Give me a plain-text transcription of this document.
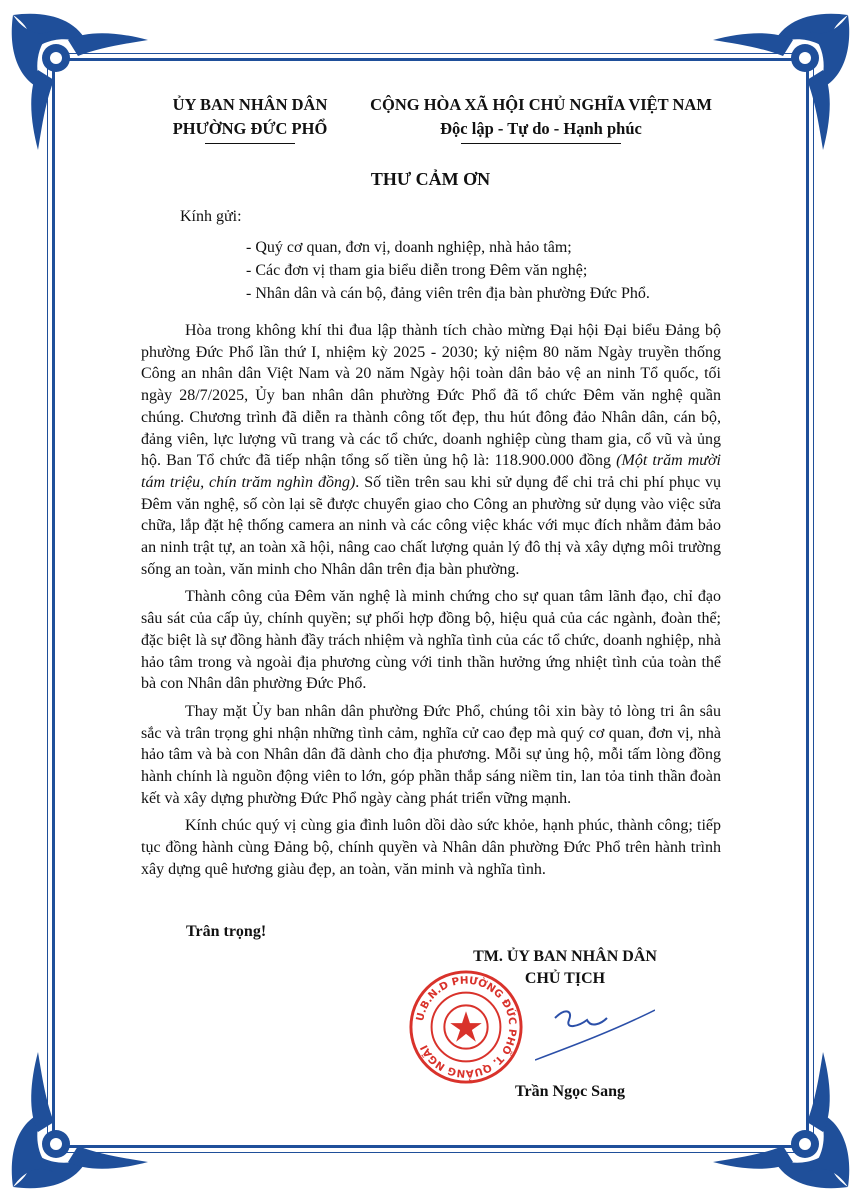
ỦY BAN NHÂN DÂN
PHƯỜNG ĐỨC PHỔ
CỘNG HÒA XÃ HỘI CHỦ NGHĨA VIỆT NAM
Độc lập - Tự do - Hạnh phúc
THƯ CẢM ƠN
Kính gửi:
- Quý cơ quan, đơn vị, doanh nghiệp, nhà hảo tâm;
- Các đơn vị tham gia biểu diễn trong Đêm văn nghệ;
- Nhân dân và cán bộ, đảng viên trên địa bàn phường Đức Phổ.

Hòa trong không khí thi đua lập thành tích chào mừng Đại hội Đại biểu Đảng bộ phường Đức Phổ lần thứ I, nhiệm kỳ 2025 - 2030; kỷ niệm 80 năm Ngày truyền thống Công an nhân dân Việt Nam và 20 năm Ngày hội toàn dân bảo vệ an ninh Tổ quốc, tối ngày 28/7/2025, Ủy ban nhân dân phường Đức Phổ đã tổ chức Đêm văn nghệ quần chúng. Chương trình đã diễn ra thành công tốt đẹp, thu hút đông đảo Nhân dân, cán bộ, đảng viên, lực lượng vũ trang và các tổ chức, doanh nghiệp cùng tham gia, cổ vũ và ủng hộ. Ban Tổ chức đã tiếp nhận tổng số tiền ủng hộ là: 118.900.000 đồng (Một trăm mười tám triệu, chín trăm nghìn đồng). Số tiền trên sau khi sử dụng để chi trả chi phí phục vụ Đêm văn nghệ, số còn lại sẽ được chuyển giao cho Công an phường sử dụng vào việc sửa chữa, lắp đặt hệ thống camera an ninh và các công việc khác với mục đích nhằm đảm bảo an ninh trật tự, an toàn xã hội, nâng cao chất lượng quản lý đô thị và xây dựng môi trường sống an toàn, văn minh cho Nhân dân trên địa bàn phường.

Thành công của Đêm văn nghệ là minh chứng cho sự quan tâm lãnh đạo, chỉ đạo sâu sát của cấp ủy, chính quyền; sự phối hợp đồng bộ, hiệu quả của các ngành, đoàn thể; đặc biệt là sự đồng hành đầy trách nhiệm và nghĩa tình của các tổ chức, doanh nghiệp, nhà hảo tâm trong và ngoài địa phương cùng với tinh thần hưởng ứng nhiệt tình của toàn thể bà con Nhân dân phường Đức Phổ.

Thay mặt Ủy ban nhân dân phường Đức Phổ, chúng tôi xin bày tỏ lòng tri ân sâu sắc và trân trọng ghi nhận những tình cảm, nghĩa cử cao đẹp mà quý cơ quan, đơn vị, nhà hảo tâm và bà con Nhân dân đã dành cho địa phương. Mỗi sự ủng hộ, mỗi tấm lòng đồng hành chính là nguồn động viên to lớn, góp phần thắp sáng niềm tin, lan tỏa tinh thần đoàn kết và xây dựng phường Đức Phổ ngày càng phát triển vững mạnh.

Kính chúc quý vị cùng gia đình luôn dồi dào sức khỏe, hạnh phúc, thành công; tiếp tục đồng hành cùng Đảng bộ, chính quyền và Nhân dân phường Đức Phổ trên hành trình xây dựng quê hương giàu đẹp, an toàn, văn minh và nghĩa tình.

Trân trọng!
TM. ỦY BAN NHÂN DÂN
CHỦ TỊCH
U.B.N.D PHƯỜNG ĐỨC PHỔ T. QUẢNG NGÃI
Trần Ngọc Sang
